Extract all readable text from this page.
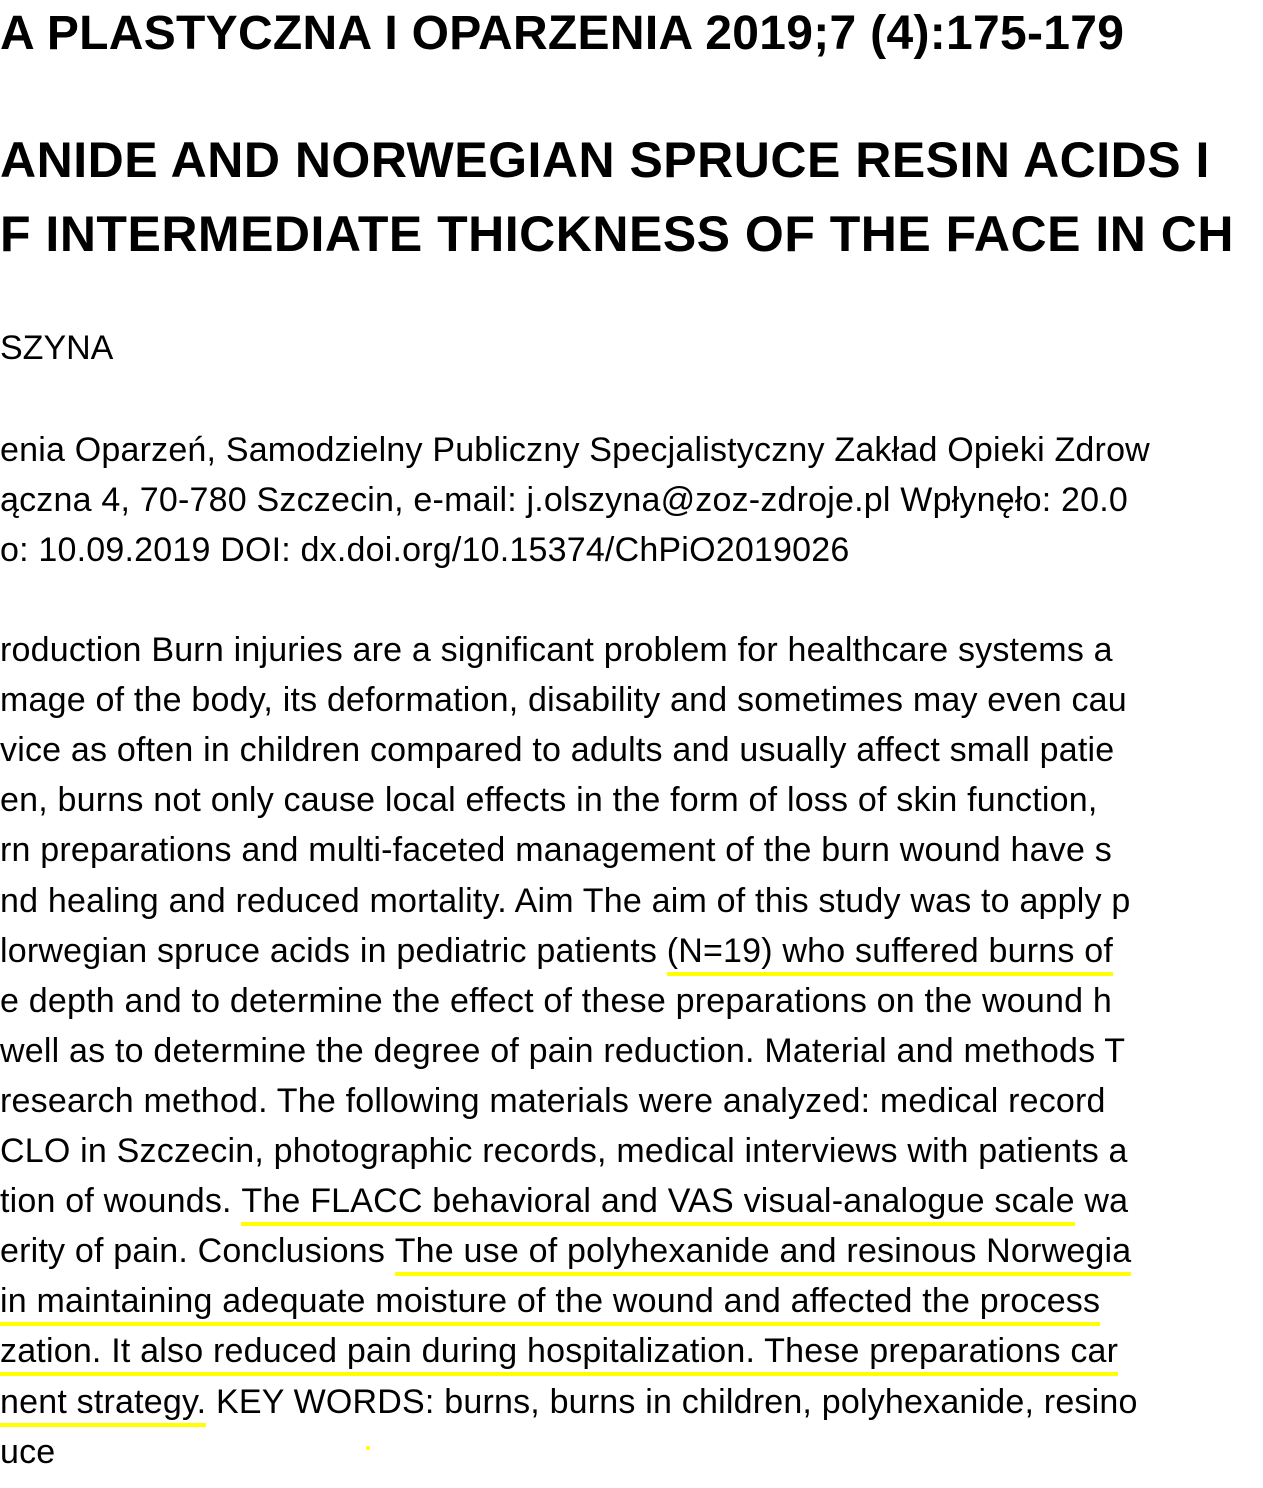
A PLASTYCZNA I OPARZENIA 2019;7 (4):175-179
ANIDE AND NORWEGIAN SPRUCE RESIN ACIDS I
F INTERMEDIATE THICKNESS OF THE FACE IN CH
SZYNA
enia Oparzeń, Samodzielny Publiczny Specjalistyczny Zakład Opieki Zdrow
ączna 4, 70-780 Szczecin, e-mail: j.olszyna@zoz-zdroje.pl Wpłynęło: 20.0
o: 10.09.2019 DOI: dx.doi.org/10.15374/ChPiO2019026
roduction Burn injuries are a significant problem for healthcare systems a
mage of the body, its deformation, disability and sometimes may even cau
vice as often in children compared to adults and usually affect small patie
en, burns not only cause local effects in the form of loss of skin function,
rn preparations and multi-faceted management of the burn wound have s
nd healing and reduced mortality. Aim The aim of this study was to apply p
lorwegian spruce acids in pediatric patients (N=19) who suffered burns of
e depth and to determine the effect of these preparations on the wound h
well as to determine the degree of pain reduction. Material and methods T
research method. The following materials were analyzed: medical record
CLO in Szczecin, photographic records, medical interviews with patients a
tion of wounds. The FLACC behavioral and VAS visual-analogue scale wa
erity of pain. Conclusions The use of polyhexanide and resinous Norwegia
in maintaining adequate moisture of the wound and affected the process
zation. It also reduced pain during hospitalization. These preparations car
nent strategy. KEY WORDS: burns, burns in children, polyhexanide, resino
uce
